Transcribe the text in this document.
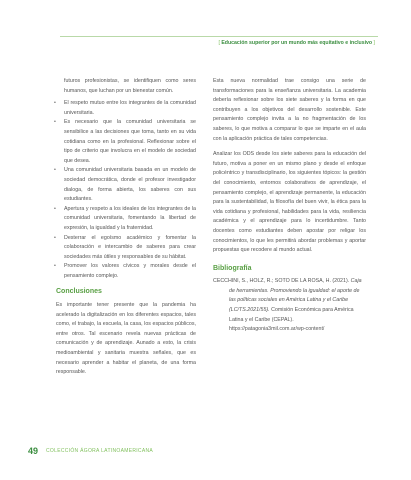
[ Educación superior por un mundo más equitativo e inclusivo ]

futuros profesionistas, se identifiquen como seres humanos, que luchan por un bienestar común.

• El respeto mutuo entre los integrantes de la comunidad universitaria.
• Es necesario que la comunidad universitaria se sensibilice a las decisiones que toma, tanto en su vida cotidiana como en la profesional. Reflexionar sobre el tipo de criterio que involucra en el modelo de sociedad que desea.
• Una comunidad universitaria basada en un modelo de sociedad democrática, donde el profesor investigador dialoga, de forma abierta, los saberes con sus estudiantes.
• Apertura y respeto a los ideales de los integrantes de la comunidad universitaria, fomentando la libertad de expresión, la igualdad y la fraternidad.
• Desterrar el egoísmo académico y fomentar la colaboración e intercambio de saberes para crear sociedades más útiles y responsables de su hábitat.
• Promover los valores cívicos y morales desde el pensamiento complejo.
Conclusiones

Es importante tener presente que la pandemia ha acelerado la digitalización en los diferentes espacios, tales como, el trabajo, la escuela, la casa, los espacios públicos, entre otros. Tal escenario revela nuevas prácticas de comunicación y de aprendizaje. Aunado a esto, la crisis medioambiental y sanitaria muestra señales, que es necesario aprender a habitar el planeta, de una forma responsable.

Esta nueva normalidad trae consigo una serie de transformaciones para la enseñanza universitaria. La academia debería reflexionar sobre los siete saberes y la forma en que contribuyen a los objetivos del desarrollo sostenible. Este pensamiento complejo invita a la no fragmentación de los saberes, lo que motiva a comparar lo que se imparte en el aula con la aplicación práctica de tales competencias.

Analizar los ODS desde los siete saberes para la educación del futuro, motiva a poner en un mismo plano y desde el enfoque policéntrico y transdisciplinario, los siguientes tópicos: la gestión del conocimiento, entornos colaborativos de aprendizaje, el pensamiento complejo, el aprendizaje permanente, la educación para la sustentabilidad, la filosofía del buen vivir, la ética para la vida cotidiana y profesional, habilidades para la vida, resiliencia académica y el aprendizaje para lo incertidumbre. Tanto docentes como estudiantes deben apostar por religar los conocimientos, lo que les permitirá abordar problemas y aportar propuestas que recodere al mundo actual.

Bibliografía

CECCHINI, S., HOLZ, R.; SOTO DE LA ROSA, H. (2021). Caja de herramientas. Promoviendo la igualdad: el aporte de las políticas sociales en América Latina y el Caribe (LC/TS.2021/55). Comisión Económica para América Latina y el Caribe (CEPAL). https://patagonia3mil.com.ar/wp-content/

49 COLECCIÓN ÁGORA LATINOAMERICANA
